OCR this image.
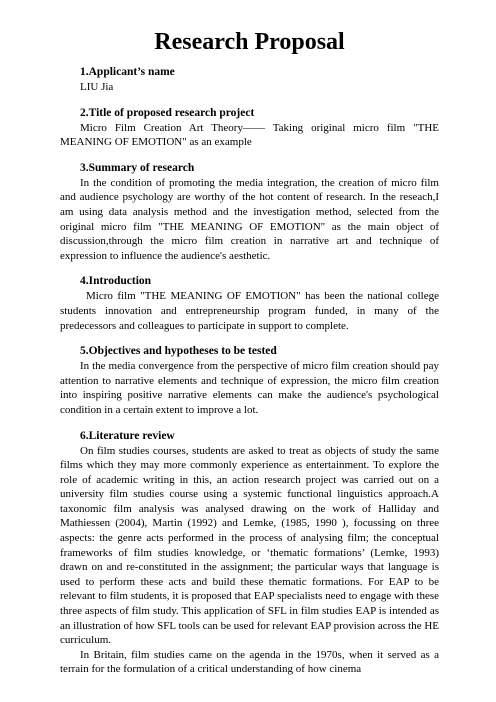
Research Proposal
1.Applicant’s name

LIU Jia

2.Title of proposed research project

Micro Film Creation Art Theory—— Taking original micro film "THE MEANING OF EMOTION" as an example

3.Summary of research

In the condition of promoting the media integration, the creation of micro film and audience psychology are worthy of the hot content of research. In the reseach,I am using data analysis method and the investigation method, selected from the original micro film "THE MEANING OF EMOTION" as the main object of discussion,through the micro film creation in narrative art and technique of expression to influence the audience's aesthetic.

4.Introduction

Micro film "THE MEANING OF EMOTION" has been the national college students innovation and entrepreneurship program funded, in many of the predecessors and colleagues to participate in support to complete.

5.Objectives and hypotheses to be tested

In the media convergence from the perspective of micro film creation should pay attention to narrative elements and technique of expression, the micro film creation into inspiring positive narrative elements can make the audience's psychological condition in a certain extent to improve a lot.

6.Literature review

On film studies courses, students are asked to treat as objects of study the same films which they may more commonly experience as entertainment. To explore the role of academic writing in this, an action research project was carried out on a university film studies course using a systemic functional linguistics approach.A taxonomic film analysis was analysed drawing on the work of Halliday and Mathiessen (2004), Martin (1992) and Lemke, (1985, 1990 ), focussing on three aspects: the genre acts performed in the process of analysing film; the conceptual frameworks of film studies knowledge, or ‘thematic formations’ (Lemke, 1993) drawn on and re-constituted in the assignment; the particular ways that language is used to perform these acts and build these thematic formations. For EAP to be relevant to film students, it is proposed that EAP specialists need to engage with these three aspects of film study. This application of SFL in film studies EAP is intended as an illustration of how SFL tools can be used for relevant EAP provision across the HE curriculum.

In Britain, film studies came on the agenda in the 1970s, when it served as a terrain for the formulation of a critical understanding of how cinema
